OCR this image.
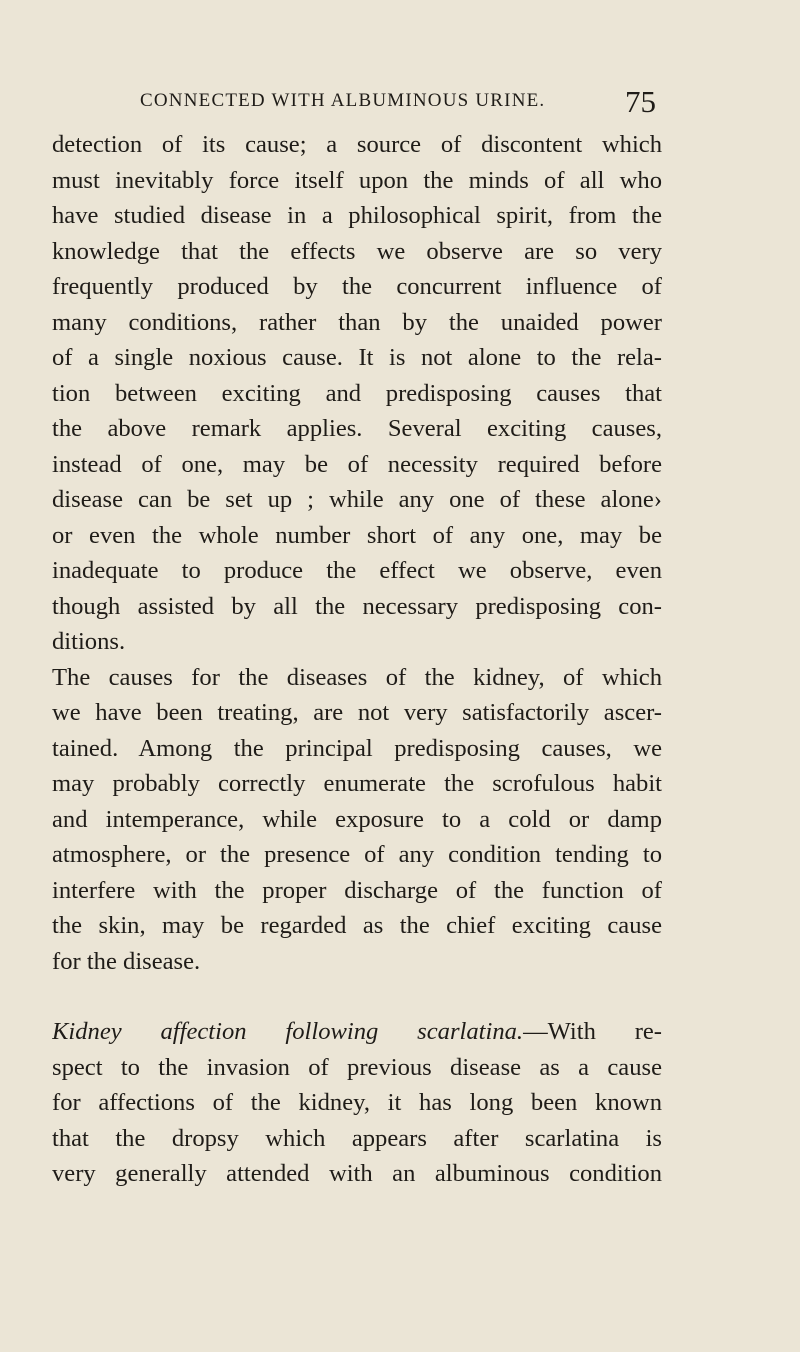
CONNECTED WITH ALBUMINOUS URINE.	75
detection of its cause; a source of discontent which
must inevitably force itself upon the minds of all who
have studied disease in a philosophical spirit, from the
knowledge that the effects we observe are so very
frequently produced by the concurrent influence of
many conditions, rather than by the unaided power
of a single noxious cause. It is not alone to the rela-
tion between exciting and predisposing causes that
the above remark applies. Several exciting causes,
instead of one, may be of necessity required before
disease can be set up ; while any one of these alone›
or even the whole number short of any one, may be
inadequate to produce the effect we observe, even
though assisted by all the necessary predisposing con-
ditions.
The causes for the diseases of the kidney, of which
we have been treating, are not very satisfactorily ascer-
tained. Among the principal predisposing causes, we
may probably correctly enumerate the scrofulous habit
and intemperance, while exposure to a cold or damp
atmosphere, or the presence of any condition tending to
interfere with the proper discharge of the function of
the skin, may be regarded as the chief exciting cause
for the disease.
Kidney affection following scarlatina.—With re-
spect to the invasion of previous disease as a cause
for affections of the kidney, it has long been known
that the dropsy which appears after scarlatina is
very generally attended with an albuminous condition
